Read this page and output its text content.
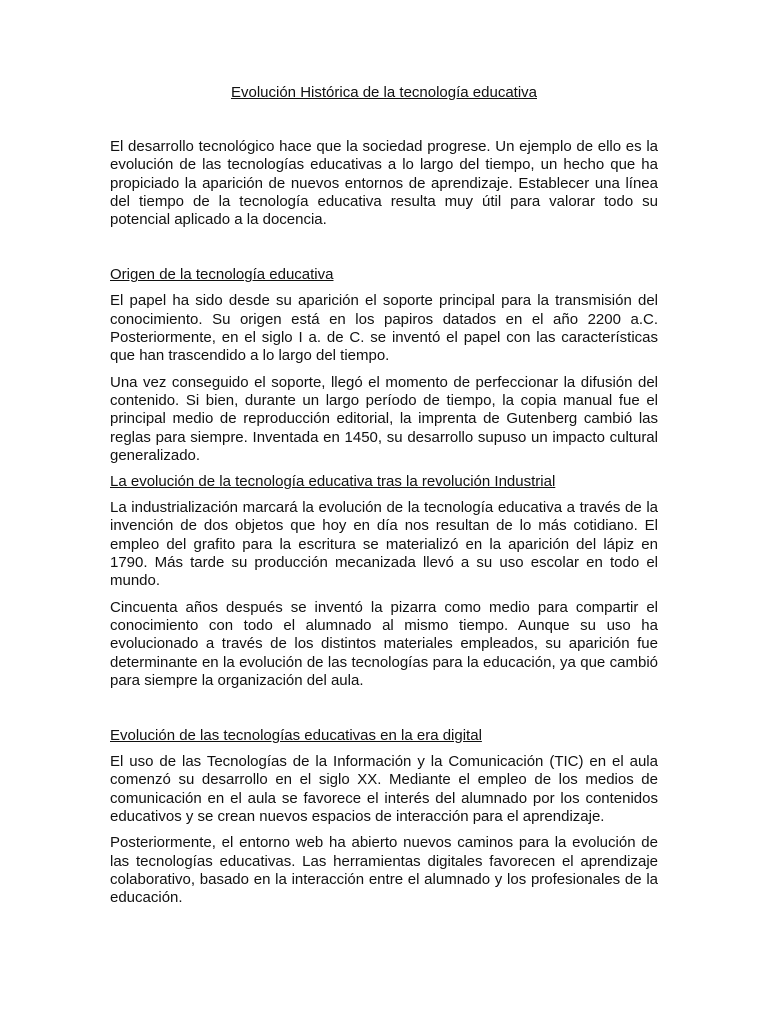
Evolución Histórica de la tecnología educativa

El desarrollo tecnológico hace que la sociedad progrese. Un ejemplo de ello es la evolución de las tecnologías educativas a lo largo del tiempo, un hecho que ha propiciado la aparición de nuevos entornos de aprendizaje. Establecer una línea del tiempo de la tecnología educativa resulta muy útil para valorar todo su potencial aplicado a la docencia.

Origen de la tecnología educativa

El papel ha sido desde su aparición el soporte principal para la transmisión del conocimiento. Su origen está en los papiros datados en el año 2200 a.C. Posteriormente, en el siglo I a. de C. se inventó el papel con las características que han trascendido a lo largo del tiempo.

Una vez conseguido el soporte, llegó el momento de perfeccionar la difusión del contenido. Si bien, durante un largo período de tiempo, la copia manual fue el principal medio de reproducción editorial, la imprenta de Gutenberg cambió las reglas para siempre. Inventada en 1450, su desarrollo supuso un impacto cultural generalizado.

La evolución de la tecnología educativa tras la revolución Industrial

La industrialización marcará la evolución de la tecnología educativa a través de la invención de dos objetos que hoy en día nos resultan de lo más cotidiano. El empleo del grafito para la escritura se materializó en la aparición del lápiz en 1790. Más tarde su producción mecanizada llevó a su uso escolar en todo el mundo.

Cincuenta años después se inventó la pizarra como medio para compartir el conocimiento con todo el alumnado al mismo tiempo. Aunque su uso ha evolucionado a través de los distintos materiales empleados, su aparición fue determinante en la evolución de las tecnologías para la educación, ya que cambió para siempre la organización del aula.

Evolución de las tecnologías educativas en la era digital

El uso de las Tecnologías de la Información y la Comunicación (TIC) en el aula comenzó su desarrollo en el siglo XX. Mediante el empleo de los medios de comunicación en el aula se favorece el interés del alumnado por los contenidos educativos y se crean nuevos espacios de interacción para el aprendizaje.

Posteriormente, el entorno web ha abierto nuevos caminos para la evolución de las tecnologías educativas. Las herramientas digitales favorecen el aprendizaje colaborativo, basado en la interacción entre el alumnado y los profesionales de la educación.
